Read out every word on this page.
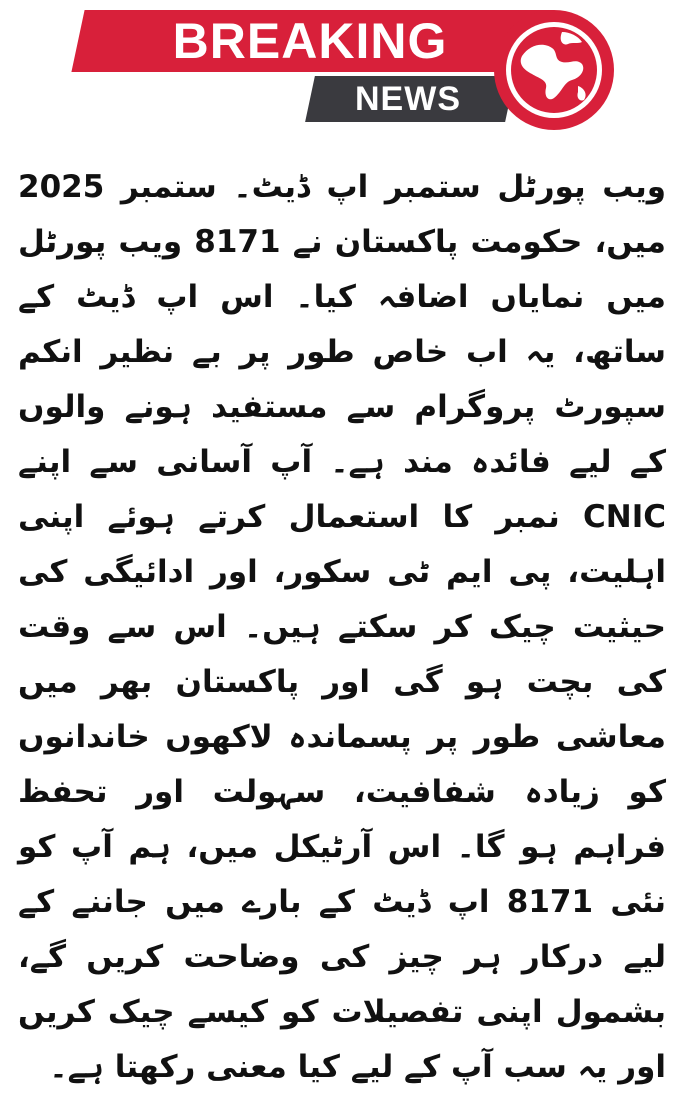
BREAKING
NEWS
ویب پورٹل ستمبر اپ ڈیٹ۔ ستمبر 2025 میں، حکومت پاکستان نے 8171 ویب پورٹل میں نمایاں اضافہ کیا۔ اس اپ ڈیٹ کے ساتھ، یہ اب خاص طور پر بے نظیر انکم سپورٹ پروگرام سے مستفید ہونے والوں کے لیے فائدہ مند ہے۔ آپ آسانی سے اپنے CNIC نمبر کا استعمال کرتے ہوئے اپنی اہلیت، پی ایم ٹی سکور، اور ادائیگی کی حیثیت چیک کر سکتے ہیں۔ اس سے وقت کی بچت ہو گی اور پاکستان بھر میں معاشی طور پر پسماندہ لاکھوں خاندانوں کو زیادہ شفافیت، سہولت اور تحفظ فراہم ہو گا۔ اس آرٹیکل میں، ہم آپ کو نئی 8171 اپ ڈیٹ کے بارے میں جاننے کے لیے درکار ہر چیز کی وضاحت کریں گے، بشمول اپنی تفصیلات کو کیسے چیک کریں اور یہ سب آپ کے لیے کیا معنی رکھتا ہے۔
